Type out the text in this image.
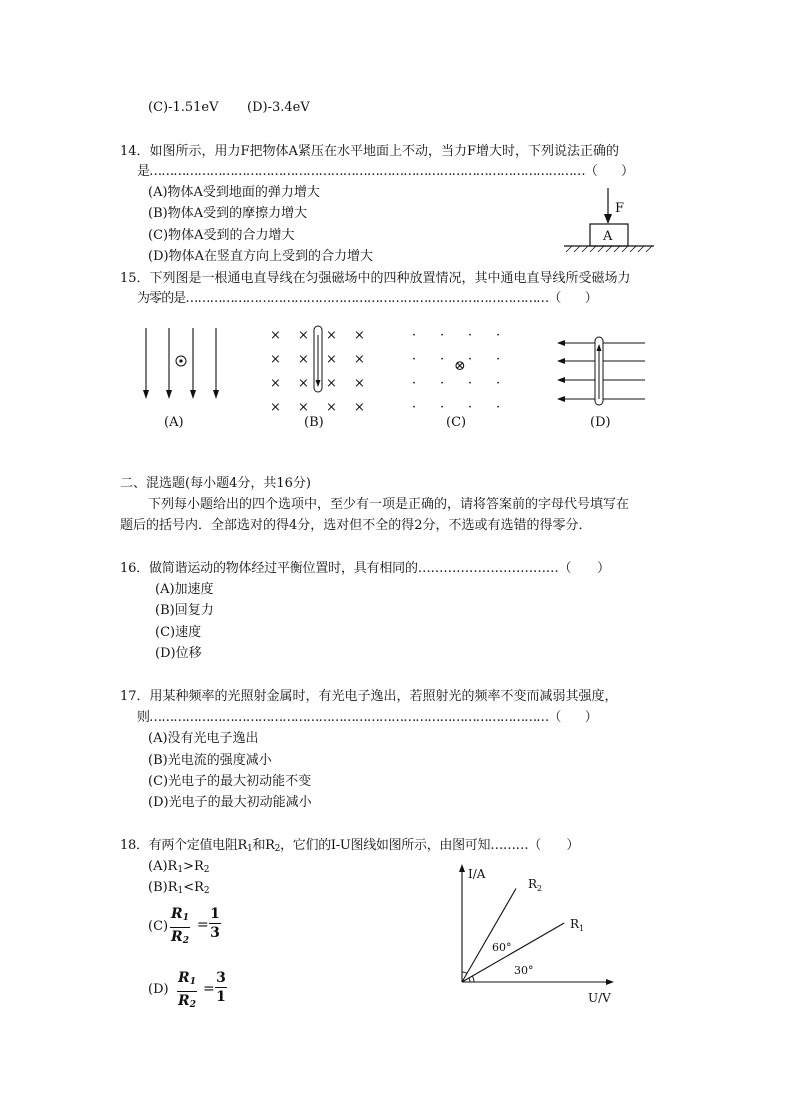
(C)-1.51eV (D)-3.4eV
14．如图所示，用力F把物体A紧压在水平地面上不动，当力F增大时，下列说法正确的
是………………………………………………………………………………………………（　　）
(A)物体A受到地面的弹力增大
(B)物体A受到的摩擦力增大
(C)物体A受到的合力增大
(D)物体A在竖直方向上受到的合力增大
F
A
15．下列图是一根通电直导线在匀强磁场中的四种放置情况，其中通电直导线所受磁场力
为零的是………………………………………………………………………………（　　）
(A)
× × × ×
× × × ×
× × × ×
× × × ×
(B)
· · · ·
· · · ·
· · · ·
· · · ·
⊗
(C)	(D)
二、混选题(每小题4分，共16分)
下列每小题给出的四个选项中，至少有一项是正确的，请将答案前的字母代号填写在
题后的括号内．全部选对的得4分，选对但不全的得2分，不选或有选错的得零分．
16．做简谐运动的物体经过平衡位置时，具有相同的……………………………（　　）
(A)加速度
(B)回复力
(C)速度
(D)位移
17．用某种频率的光照射金属时，有光电子逸出，若照射光的频率不变而减弱其强度，
则………………………………………………………………………………………（　　）
(A)没有光电子逸出
(B)光电流的强度减小
(C)光电子的最大初动能不变
(D)光电子的最大初动能减小
18．有两个定值电阻$R_1$和$R_2$，它们的I-U图线如图所示，由图可知………（　　）
$(A)R_1>R_2$
$(B)R_1<R_2$
(C)
$R_1$
$R_2$
=
1
3
(D)
$R_1$
$R_2$
=
3
1
I/A
U/V
$R_2$
$R_1$
60°
30°
